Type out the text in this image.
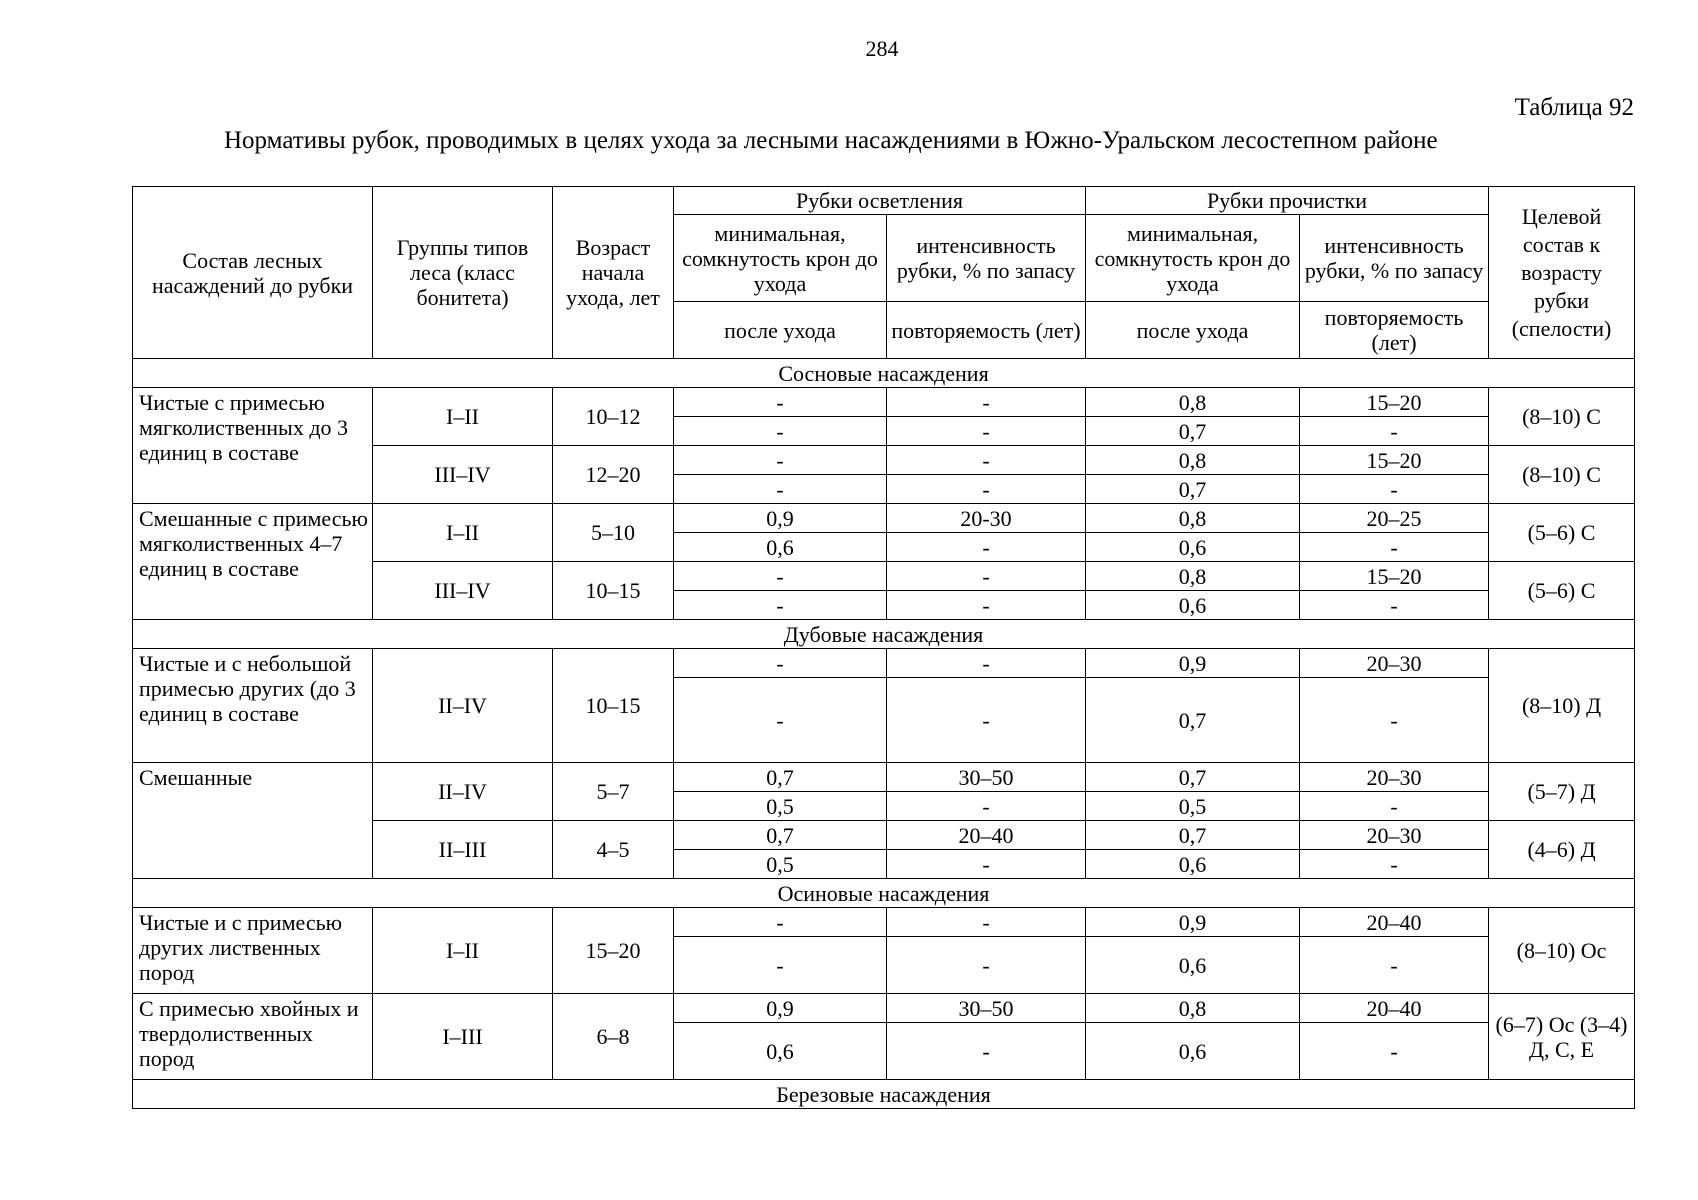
284
Таблица 92
Нормативы рубок, проводимых в целях ухода за лесными насаждениями в Южно-Уральском лесостепном районе
Состав лесных насаждений до рубки	Группы типов леса (класс бонитета)	Возраст начала ухода, лет	Рубки осветления		Рубки прочистки		Целевой состав к возрасту рубки (спелости)
			минимальная, сомкнутость крон до ухода	интенсивность рубки, % по запасу	минимальная, сомкнутость крон до ухода	интенсивность рубки, % по запасу	
			после ухода	повторяемость (лет)	после ухода	повторяемость (лет)	
Сосновые насаждения							
Чистые с примесью мягколиственных до 3 единиц в составе	I–II	10–12	-	-	0,8	15–20	(8–10) С
			-	-	0,7	-	
	III–IV	12–20	-	-	0,8	15–20	(8–10) С
			-	-	0,7	-	
Смешанные с примесью мягколиственных 4–7 единиц в составе	I–II	5–10	0,9	20-30	0,8	20–25	(5–6) С
			0,6	-	0,6	-	
	III–IV	10–15	-	-	0,8	15–20	(5–6) С
			-	-	0,6	-	
Дубовые насаждения							
Чистые и с небольшой примесью других (до 3 единиц в составе	II–IV	10–15	-	-	0,9	20–30	(8–10) Д
			-	-	0,7	-	
Смешанные	II–IV	5–7	0,7	30–50	0,7	20–30	(5–7) Д
			0,5	-	0,5	-	
	II–III	4–5	0,7	20–40	0,7	20–30	(4–6) Д
			0,5	-	0,6	-	
Осиновые насаждения							
Чистые и с примесью других лиственных пород	I–II	15–20	-	-	0,9	20–40	(8–10) Ос
			-	-	0,6	-	
С примесью хвойных и твердолиственных пород	I–III	6–8	0,9	30–50	0,8	20–40	(6–7) Ос (3–4) Д, С, Е
			0,6	-	0,6	-	
Березовые насаждения							
